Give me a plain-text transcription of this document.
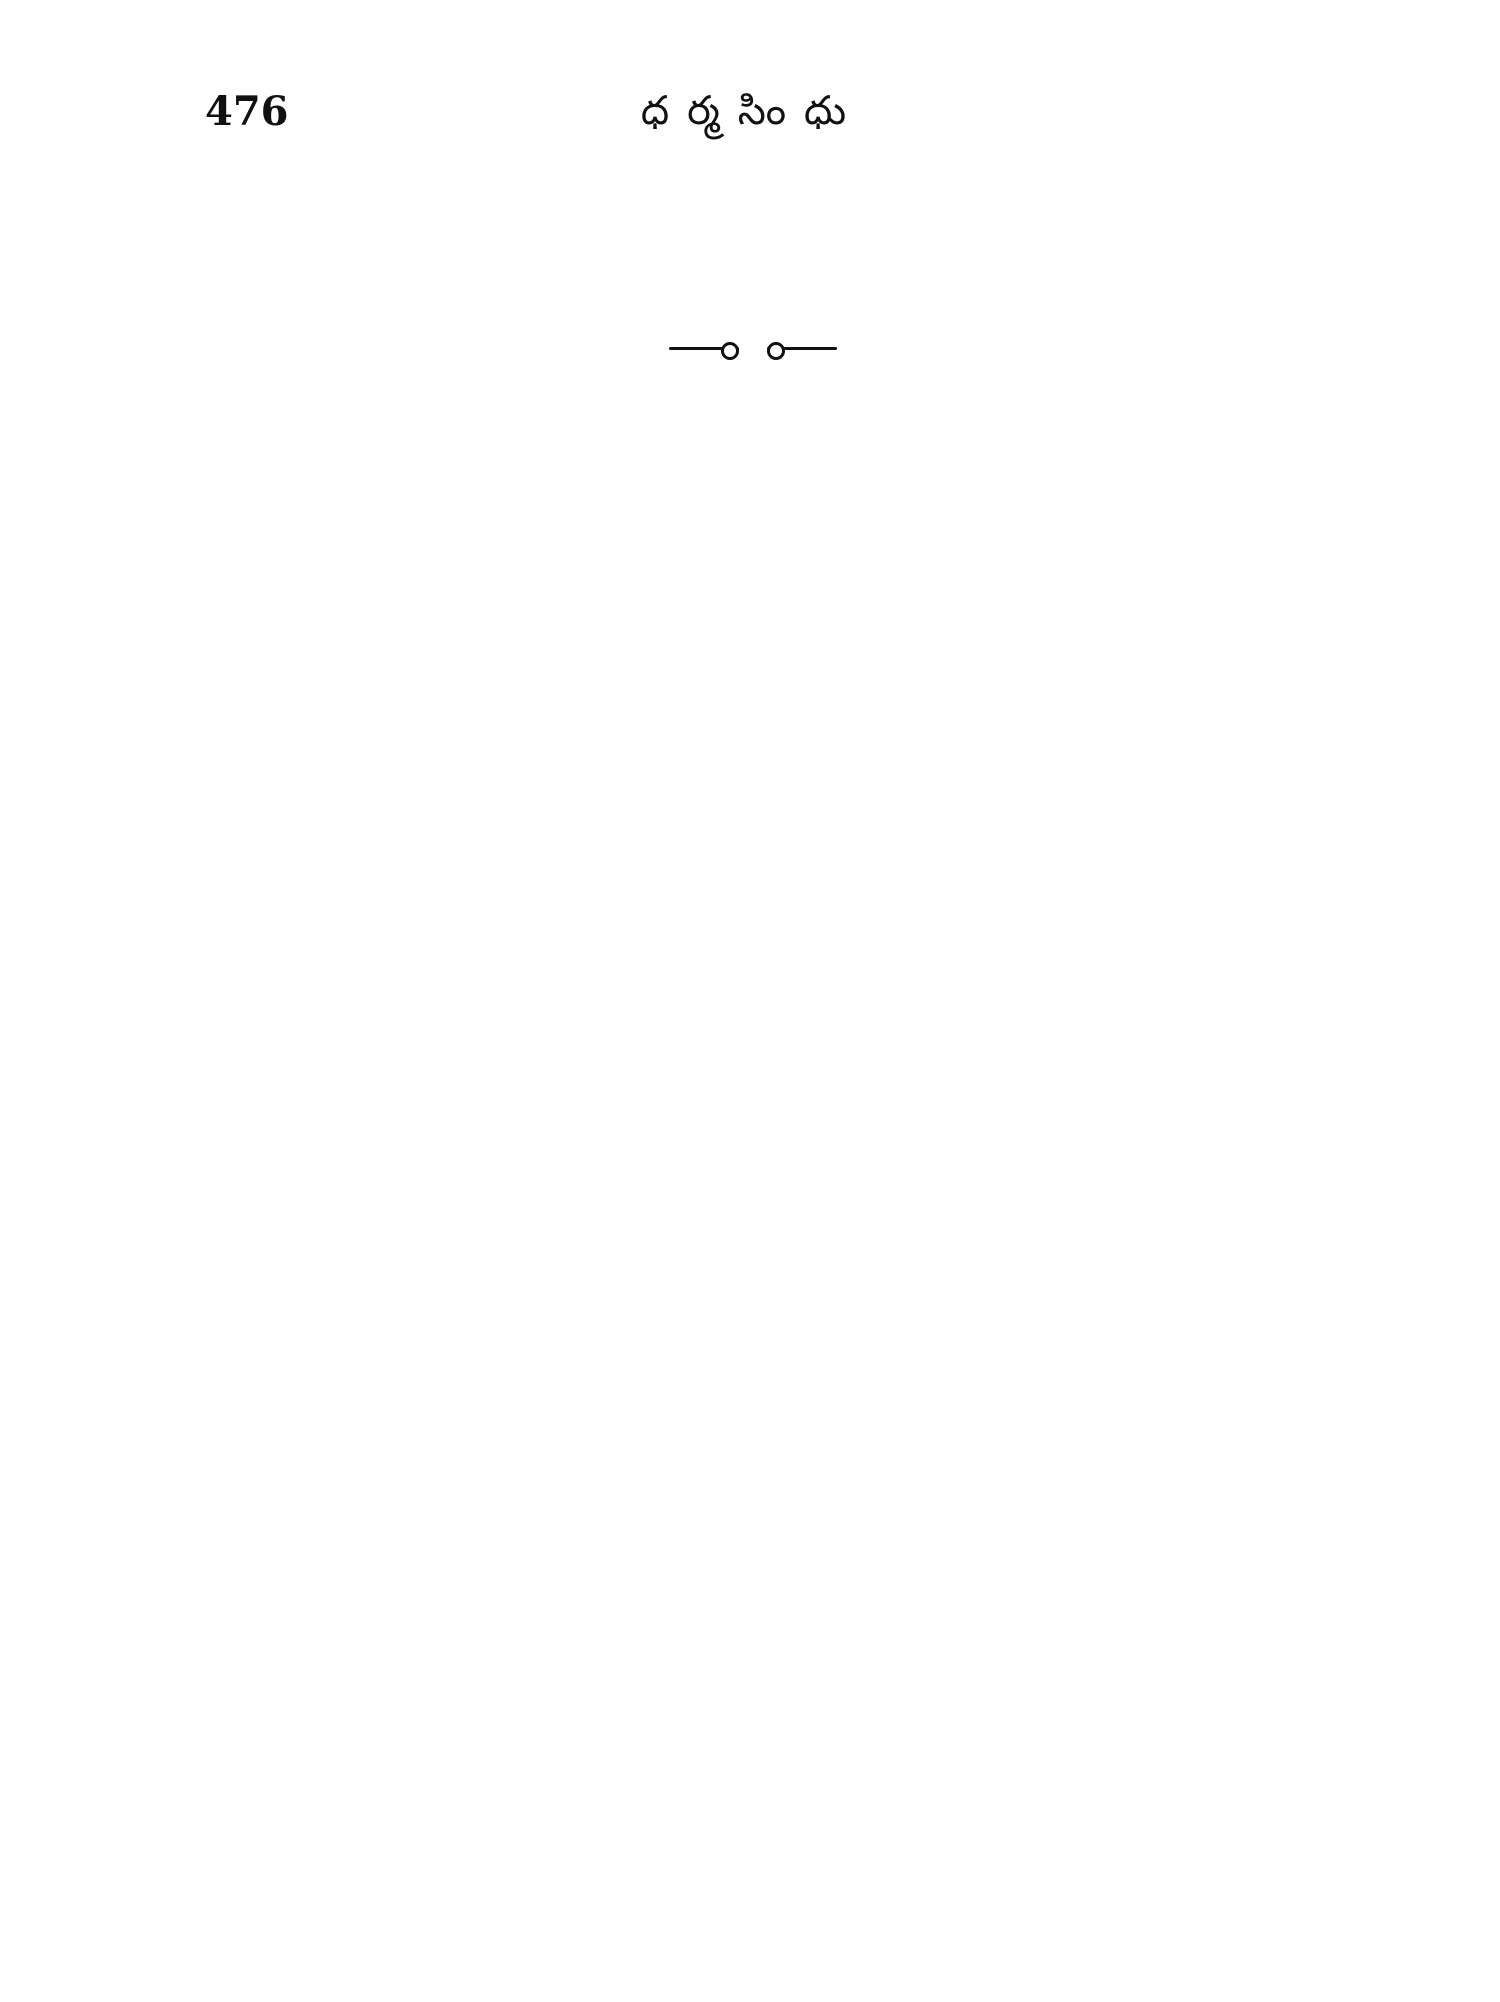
476	ధర్మసింధు
